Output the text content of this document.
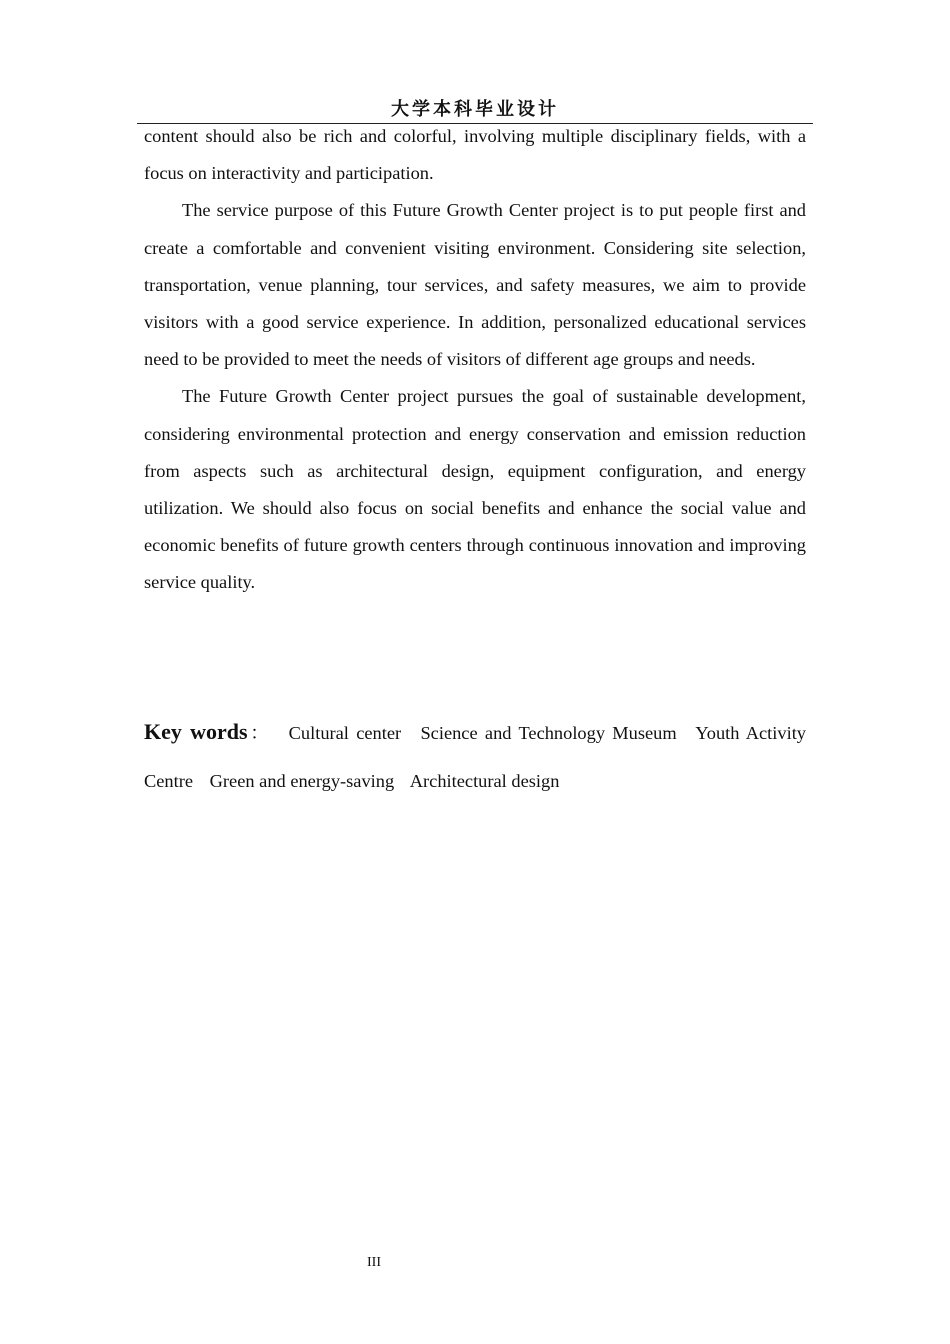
大学本科毕业设计

content should also be rich and colorful, involving multiple disciplinary fields, with a focus on interactivity and participation.

The service purpose of this Future Growth Center project is to put people first and create a comfortable and convenient visiting environment. Considering site selection, transportation, venue planning, tour services, and safety measures, we aim to provide visitors with a good service experience. In addition, personalized educational services need to be provided to meet the needs of visitors of different age groups and needs.

The Future Growth Center project pursues the goal of sustainable development, considering environmental protection and energy conservation and emission reduction from aspects such as architectural design, equipment configuration, and energy utilization. We should also focus on social benefits and enhance the social value and economic benefits of future growth centers through continuous innovation and improving service quality.

Key words： Cultural center Science and Technology Museum Youth Activity Centre Green and energy-saving Architectural design
III
